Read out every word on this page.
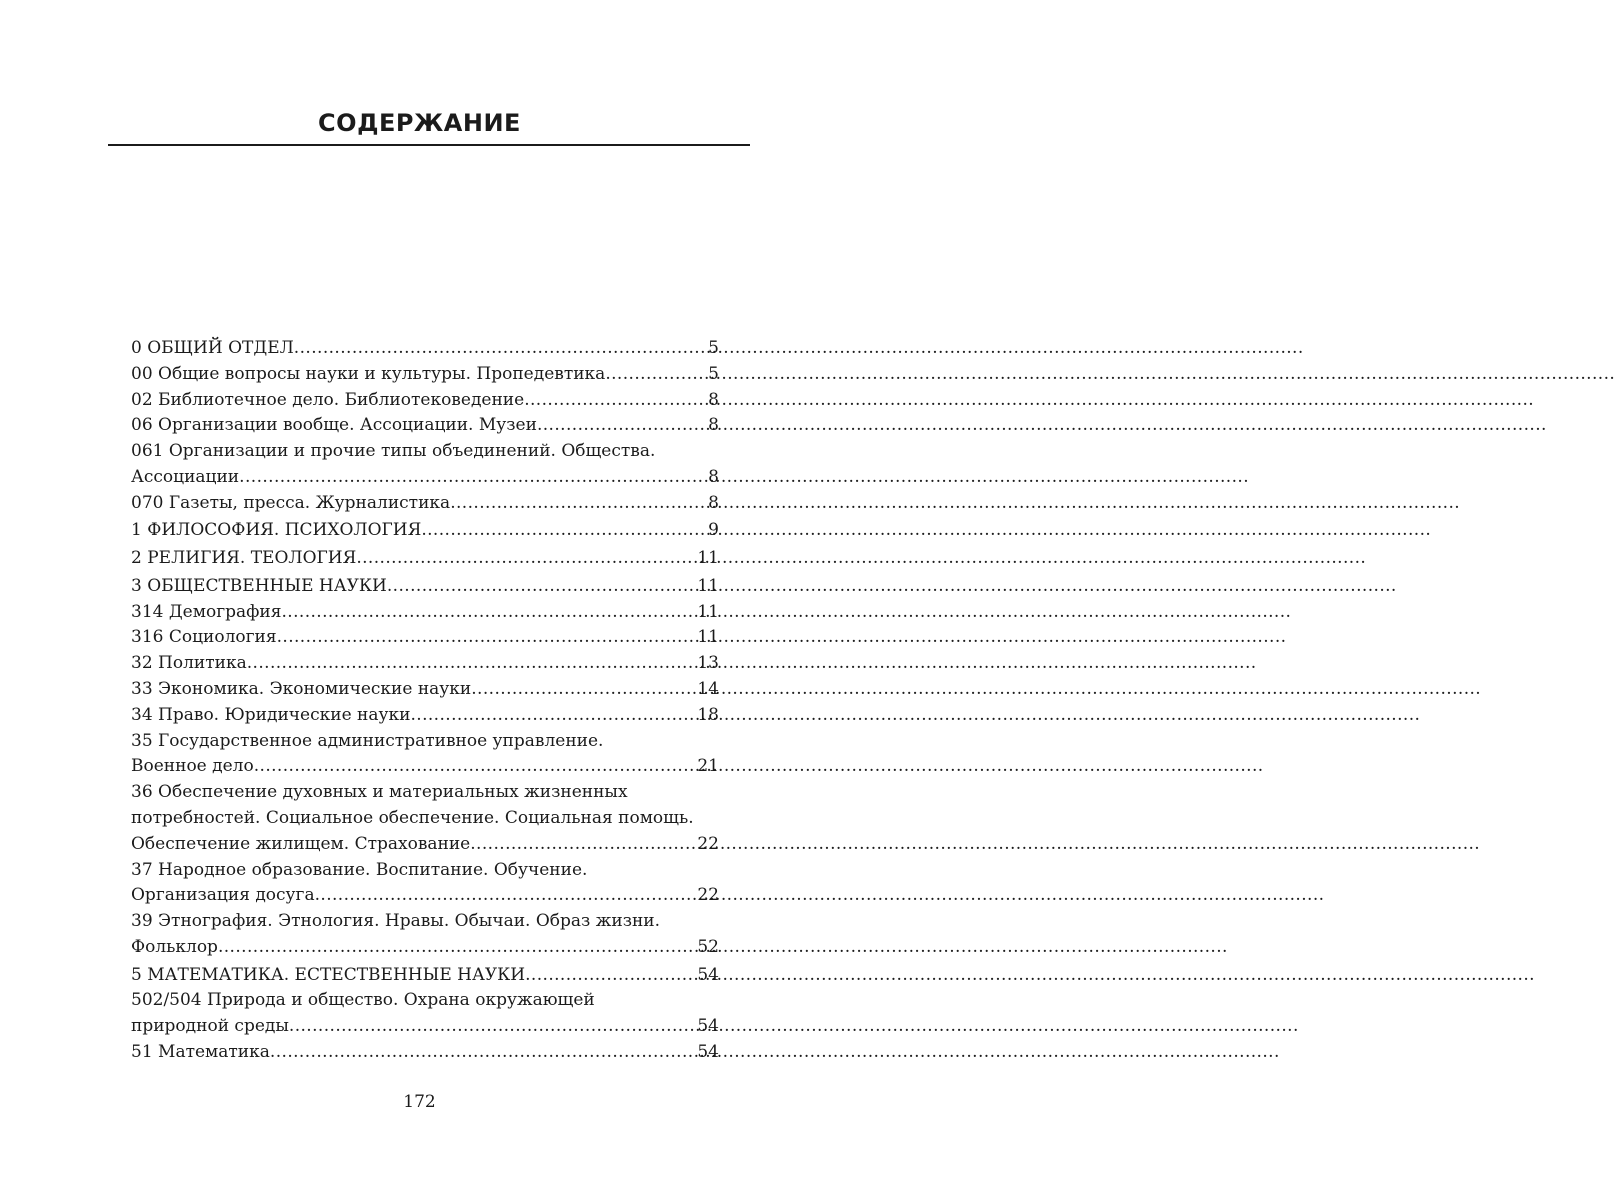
СОДЕРЖАНИЕ
0 ОБЩИЙ ОТДЕЛ .....	5
00 Общие вопросы науки и культуры. Пропедевтика .....	5
02 Библиотечное дело. Библиотековедение .....	8
06 Организации вообще. Ассоциации. Музеи .....	8
061 Организации и прочие типы объединений. Общества.
Ассоциации .....	8
070 Газеты, пресса. Журналистика .....	8
1 ФИЛОСОФИЯ. ПСИХОЛОГИЯ .....	9
2 РЕЛИГИЯ. ТЕОЛОГИЯ .....	11
3 ОБЩЕСТВЕННЫЕ НАУКИ .....	11
314 Демография .....	11
316 Социология .....	11
32 Политика .....	13
33 Экономика. Экономические науки .....	14
34 Право. Юридические науки .....	18
35 Государственное административное управление.
Военное дело .....	21
36 Обеспечение духовных и материальных жизненных
потребностей. Социальное обеспечение. Социальная помощь.
Обеспечение жилищем. Страхование .....	22
37 Народное образование. Воспитание. Обучение.
Организация досуга .....	22
39 Этнография. Этнология. Нравы. Обычаи. Образ жизни.
Фольклор .....	52
5 МАТЕМАТИКА. ЕСТЕСТВЕННЫЕ НАУКИ .....	54
502/504 Природа и общество. Охрана окружающей
природной среды .....	54
51 Математика .....	54
172
